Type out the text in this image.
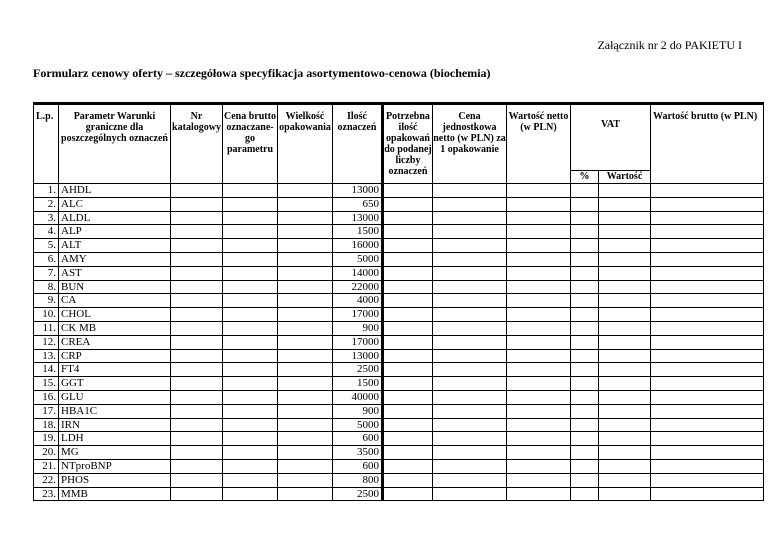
Załącznik nr 2 do PAKIETU I
Formularz cenowy oferty – szczegółowa specyfikacja asortymentowo-cenowa (biochemia)
L.p.	Parametr Warunki graniczne dla poszczególnych oznaczeń	Nr katalogowy	Cena brutto oznaczane-go parametru	Wielkość opakowania	Ilość oznaczeń	Potrzebna ilość opakowań do podanej liczby oznaczeń	Cena jednostkowa netto (w PLN) za 1 opakowanie	Wartość netto (w PLN)	VAT		Wartość brutto (w PLN)
									%	Wartość	
1.	AHDL				13000						
2.	ALC				650						
3.	ALDL				13000						
4.	ALP				1500						
5.	ALT				16000						
6.	AMY				5000						
7.	AST				14000						
8.	BUN				22000						
9.	CA				4000						
10.	CHOL				17000						
11.	CK MB				900						
12.	CREA				17000						
13.	CRP				13000						
14.	FT4				2500						
15.	GGT				1500						
16.	GLU				40000						
17.	HBA1C				900						
18.	IRN				5000						
19.	LDH				600						
20.	MG				3500						
21.	NTproBNP				600						
22.	PHOS				800						
23.	MMB				2500						
